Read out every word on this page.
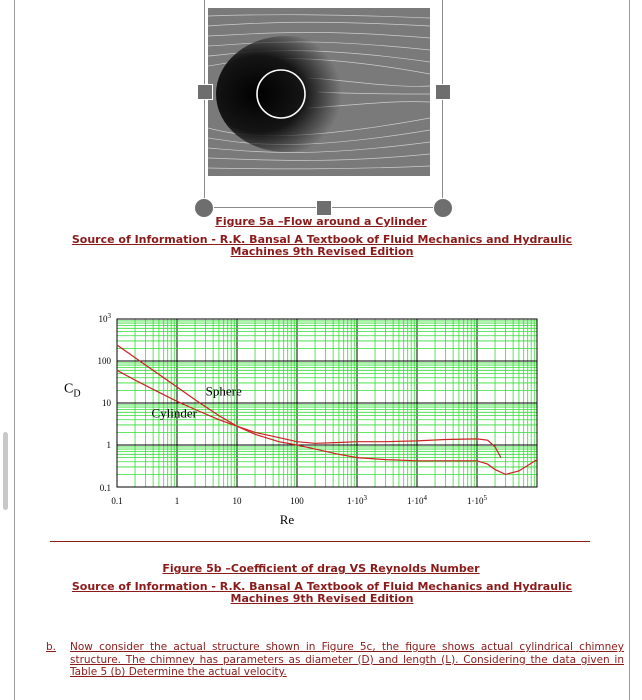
Figure 5a –Flow around a Cylinder
Source of Information - R.K. Bansal A Textbook of Fluid Mechanics and Hydraulic Machines 9th Revised Edition
0.1	1	10	100	$1\cdot 10^3$	$1\cdot 10^4$	$1\cdot 10^5$
0.1
1
10
100
$10^3$
Re
$C_D$	Sphere
Cylinder
Figure 5b –Coefficient of drag VS Reynolds Number
Source of Information - R.K. Bansal A Textbook of Fluid Mechanics and Hydraulic Machines 9th Revised Edition
b.	Now consider the actual structure shown in Figure 5c, the figure shows actual cylindrical chimney structure. The chimney has parameters as diameter (D) and length (L). Considering the data given in Table 5 (b) Determine the actual velocity.
